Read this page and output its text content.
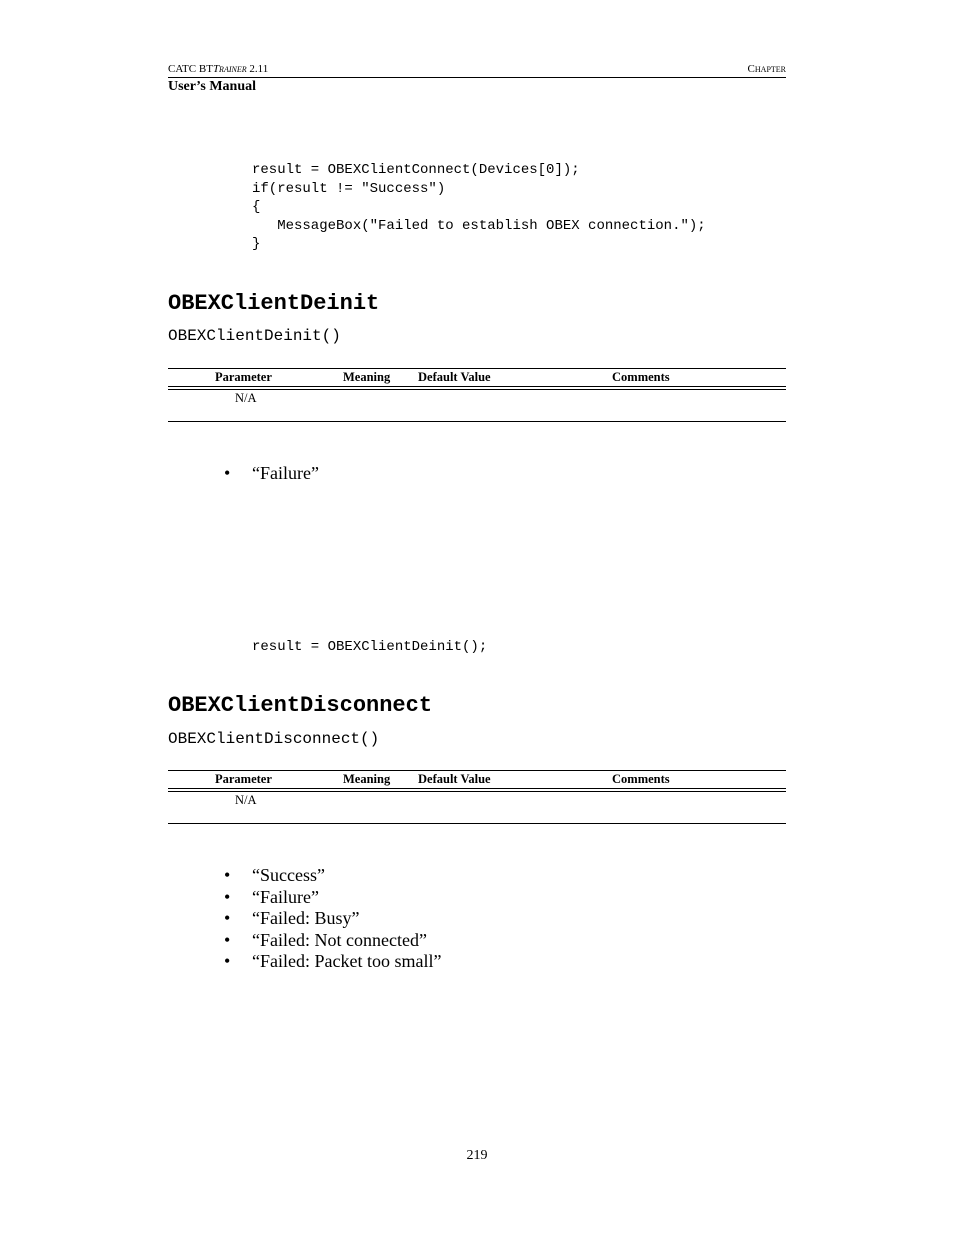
CATC BTTrainer 2.11	Chapter
User’s Manual
result = OBEXClientConnect(Devices[0]);
if(result != "Success")
{
MessageBox("Failed to establish OBEX connection.");
}
OBEXClientDeinit
OBEXClientDeinit()
Parameter	Meaning	Default Value	Comments
N/A			
• “Failure”
result = OBEXClientDeinit();
OBEXClientDisconnect
OBEXClientDisconnect()
Parameter	Meaning	Default Value	Comments
N/A			
• “Success”
• “Failure”
• “Failed: Busy”
• “Failed: Not connected”
• “Failed: Packet too small”
219
